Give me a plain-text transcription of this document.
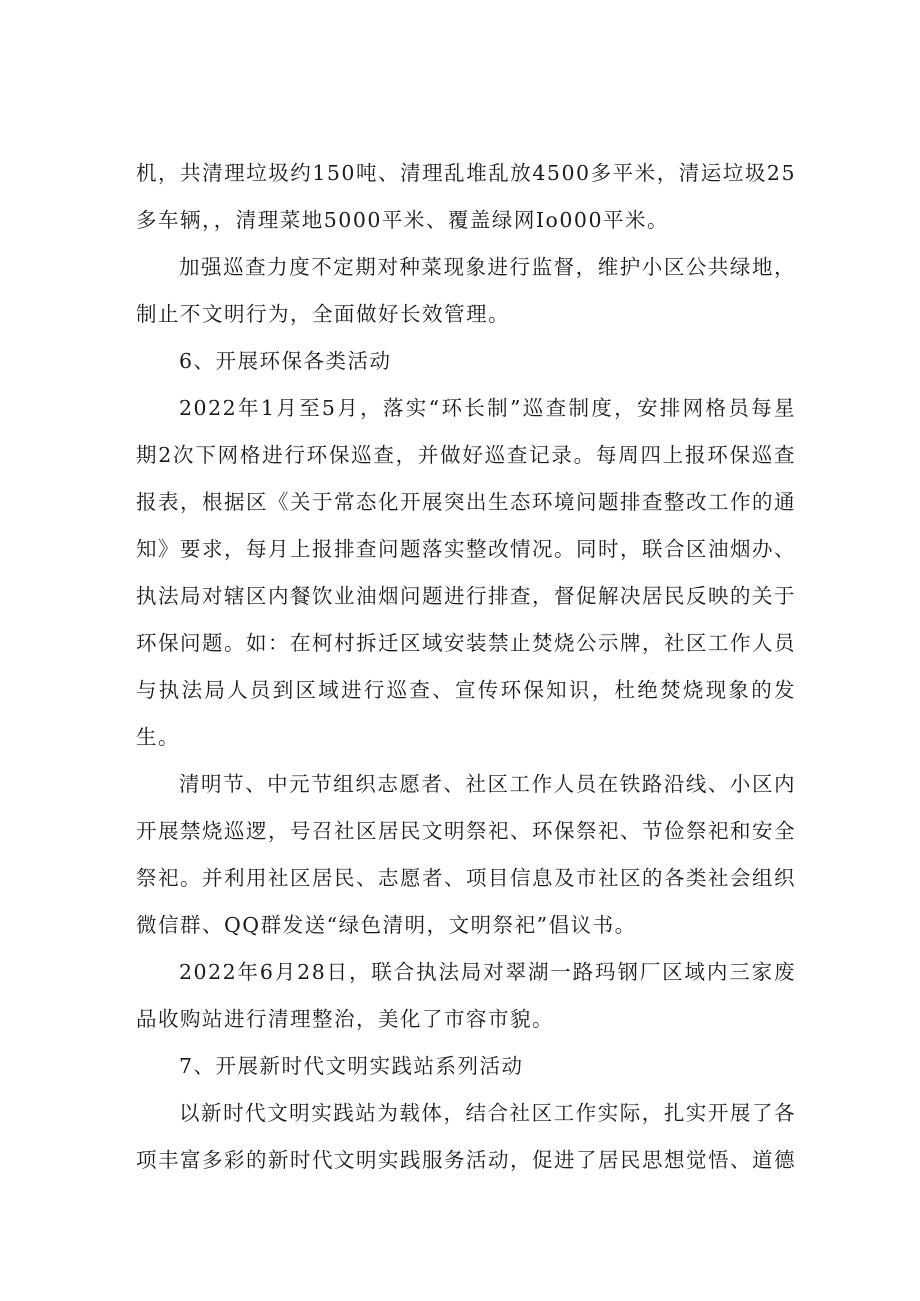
机，共清理垃圾约150吨、清理乱堆乱放4500多平米，清运垃圾25多车辆，，清理菜地5000平米、覆盖绿网Io000平米。

加强巡查力度不定期对种菜现象进行监督，维护小区公共绿地，制止不文明行为，全面做好长效管理。

6、开展环保各类活动

2022年1月至5月，落实“环长制”巡查制度，安排网格员每星期2次下网格进行环保巡查，并做好巡查记录。每周四上报环保巡查报表，根据区《关于常态化开展突出生态环境问题排查整改工作的通知》要求，每月上报排查问题落实整改情况。同时，联合区油烟办、执法局对辖区内餐饮业油烟问题进行排查，督促解决居民反映的关于环保问题。如：在柯村拆迁区域安装禁止焚烧公示牌，社区工作人员与执法局人员到区域进行巡查、宣传环保知识，杜绝焚烧现象的发生。

清明节、中元节组织志愿者、社区工作人员在铁路沿线、小区内开展禁烧巡逻，号召社区居民文明祭祀、环保祭祀、节俭祭祀和安全祭祀。并利用社区居民、志愿者、项目信息及市社区的各类社会组织微信群、QQ群发送“绿色清明，文明祭祀”倡议书。

2022年6月28日，联合执法局对翠湖一路玛钢厂区域内三家废品收购站进行清理整治，美化了市容市貌。

7、开展新时代文明实践站系列活动

以新时代文明实践站为载体，结合社区工作实际，扎实开展了各项丰富多彩的新时代文明实践服务活动，促进了居民思想觉悟、道德
